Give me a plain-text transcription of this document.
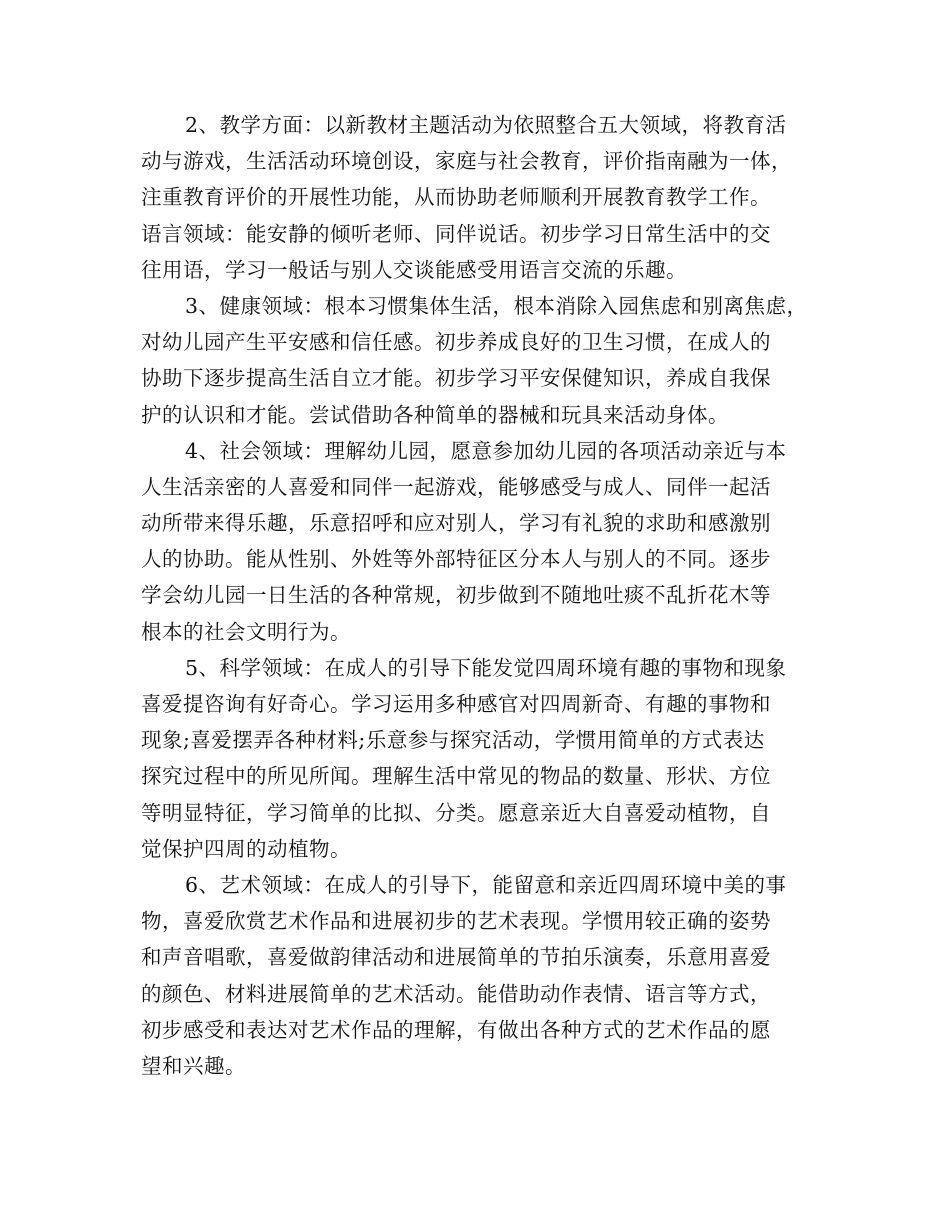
2、教学方面：以新教材主题活动为依照整合五大领域，将教育活
动与游戏，生活活动环境创设，家庭与社会教育，评价指南融为一体，
注重教育评价的开展性功能，从而协助老师顺利开展教育教学工作。
语言领域：能安静的倾听老师、同伴说话。初步学习日常生活中的交
往用语，学习一般话与别人交谈能感受用语言交流的乐趣。
3、健康领域：根本习惯集体生活，根本消除入园焦虑和别离焦虑，
对幼儿园产生平安感和信任感。初步养成良好的卫生习惯，在成人的
协助下逐步提高生活自立才能。初步学习平安保健知识，养成自我保
护的认识和才能。尝试借助各种简单的器械和玩具来活动身体。
4、社会领域：理解幼儿园，愿意参加幼儿园的各项活动亲近与本
人生活亲密的人喜爱和同伴一起游戏，能够感受与成人、同伴一起活
动所带来得乐趣，乐意招呼和应对别人，学习有礼貌的求助和感激别
人的协助。能从性别、外姓等外部特征区分本人与别人的不同。逐步
学会幼儿园一日生活的各种常规，初步做到不随地吐痰不乱折花木等
根本的社会文明行为。
5、科学领域：在成人的引导下能发觉四周环境有趣的事物和现象
喜爱提咨询有好奇心。学习运用多种感官对四周新奇、有趣的事物和
现象;喜爱摆弄各种材料;乐意参与探究活动，学惯用简单的方式表达
探究过程中的所见所闻。理解生活中常见的物品的数量、形状、方位
等明显特征，学习简单的比拟、分类。愿意亲近大自喜爱动植物，自
觉保护四周的动植物。
6、艺术领域：在成人的引导下，能留意和亲近四周环境中美的事
物，喜爱欣赏艺术作品和进展初步的艺术表现。学惯用较正确的姿势
和声音唱歌，喜爱做韵律活动和进展简单的节拍乐演奏，乐意用喜爱
的颜色、材料进展简单的艺术活动。能借助动作表情、语言等方式，
初步感受和表达对艺术作品的理解，有做出各种方式的艺术作品的愿
望和兴趣。
